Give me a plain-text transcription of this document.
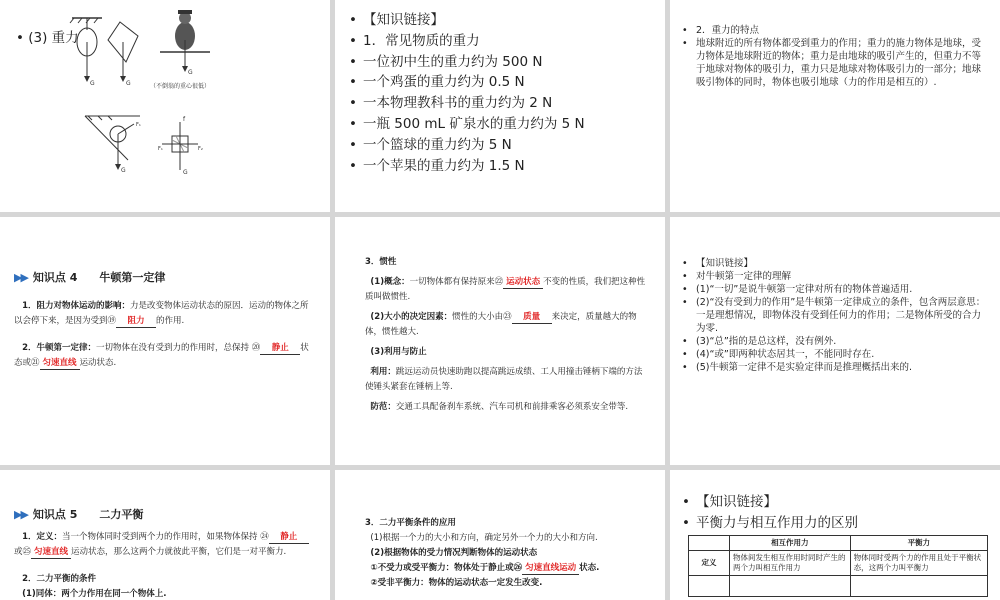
• (3) 重力
G	G
G
（不倒翁的重心很低）
G
F₁
f
G
F₁	F₂
• 【知识链接】
• 1．常见物质的重力
• 一位初中生的重力约为 500 N
• 一个鸡蛋的重力约为 0.5 N
• 一本物理教科书的重力约为 2 N
• 一瓶 500 mL 矿泉水的重力约为 5 N
• 一个篮球的重力约为 5 N
• 一个苹果的重力约为 1.5 N
• 2．重力的特点
• 地球附近的所有物体都受到重力的作用；重力的施力物体是地球，受力物体是地球附近的物体；重力是由地球的吸引产生的，但重力不等于地球对物体的吸引力，重力只是地球对物体吸引力的一部分；地球吸引物体的同时，物体也吸引地球（力的作用是相互的）.
▶▶ 知识点 4　　牛顿第一定律
1．阻力对物体运动的影响：力是改变物体运动状态的原因．运动的物体之所以会停下来，是因为受到⑲ 阻力 的作用.
2．牛顿第一定律：一切物体在没有受到力的作用时，总保持 ⑳ 静止 状态或㉑ 匀速直线 运动状态.
3．惯性
(1)概念：一切物体都有保持原来㉒ 运动状态 不变的性质，我们把这种性质叫做惯性.
(2)大小的决定因素：惯性的大小由㉓ 质量 来决定，质量越大的物体，惯性越大.
(3)利用与防止
利用：跳远运动员快速助跑以提高跳远成绩、工人用撞击锤柄下端的方法使锤头紧套在锤柄上等.
防范：交通工具配备刹车系统、汽车司机和前排乘客必须系安全带等.
• 【知识链接】
• 对牛顿第一定律的理解
• (1)“一切”是说牛顿第一定律对所有的物体普遍适用.
• (2)“没有受到力的作用”是牛顿第一定律成立的条件，包含两层意思：一是理想情况，即物体没有受到任何力的作用；二是物体所受的合力为零.
• (3)“总”指的是总这样，没有例外.
• (4)“或”即两种状态居其一，不能同时存在.
• (5)牛顿第一定律不是实验定律而是推理概括出来的.
▶▶ 知识点 5　　二力平衡
1．定义：当一个物体同时受到两个力的作用时，如果物体保持 ㉔ 静止或㉕ 匀速直线 运动状态，那么这两个力就彼此平衡，它们是一对平衡力.
2．二力平衡的条件
(1)同体：两个力作用在同一个物体上.
3．二力平衡条件的应用
(1)根据一个力的大小和方向，确定另外一个力的大小和方向.
(2)根据物体的受力情况判断物体的运动状态
①不受力或受平衡力：物体处于静止或㉖ 匀速直线运动 状态.
②受非平衡力：物体的运动状态一定发生改变.
• 【知识链接】
• 平衡力与相互作用力的区别
	相互作用力	平衡力
定义	物体间发生相互作用时同时产生的两个力叫相互作用力	物体同时受两个力的作用且处于平衡状态，这两个力叫平衡力
